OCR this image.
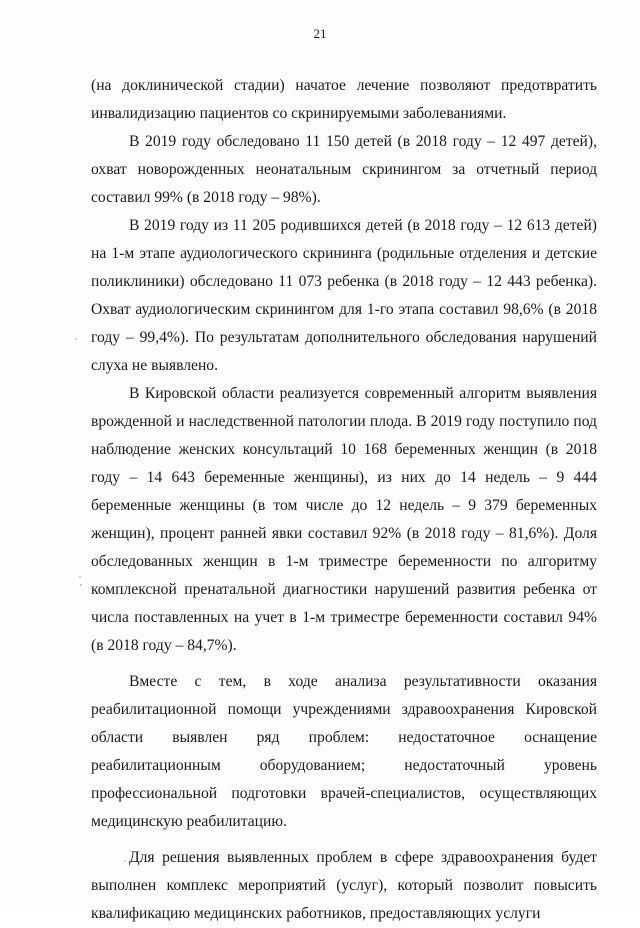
21

(на доклинической стадии) начатое лечение позволяют предотвратить инвалидизацию пациентов со скринируемыми заболеваниями.

В 2019 году обследовано 11 150 детей (в 2018 году – 12 497 детей), охват новорожденных неонатальным скринингом за отчетный период составил 99% (в 2018 году – 98%).

В 2019 году из 11 205 родившихся детей (в 2018 году – 12 613 детей) на 1-м этапе аудиологического скрининга (родильные отделения и детские поликлиники) обследовано 11 073 ребенка (в 2018 году – 12 443 ребенка). Охват аудиологическим скринингом для 1-го этапа составил 98,6% (в 2018 году – 99,4%). По результатам дополнительного обследования нарушений слуха не выявлено.

В Кировской области реализуется современный алгоритм выявления врожденной и наследственной патологии плода. В 2019 году поступило под наблюдение женских консультаций 10 168 беременных женщин (в 2018 году – 14 643 беременные женщины), из них до 14 недель – 9 444 беременные женщины (в том числе до 12 недель – 9 379 беременных женщин), процент ранней явки составил 92% (в 2018 году – 81,6%). Доля обследованных женщин в 1-м триместре беременности по алгоритму комплексной пренатальной диагностики нарушений развития ребенка от числа поставленных на учет в 1-м триместре беременности составил 94% (в 2018 году – 84,7%).

Вместе с тем, в ходе анализа результативности оказания реабилитационной помощи учреждениями здравоохранения Кировской области выявлен ряд проблем: недостаточное оснащение реабилитационным оборудованием; недостаточный уровень профессиональной подготовки врачей-специалистов, осуществляющих медицинскую реабилитацию.

Для решения выявленных проблем в сфере здравоохранения будет выполнен комплекс мероприятий (услуг), который позволит повысить квалификацию медицинских работников, предоставляющих услуги
